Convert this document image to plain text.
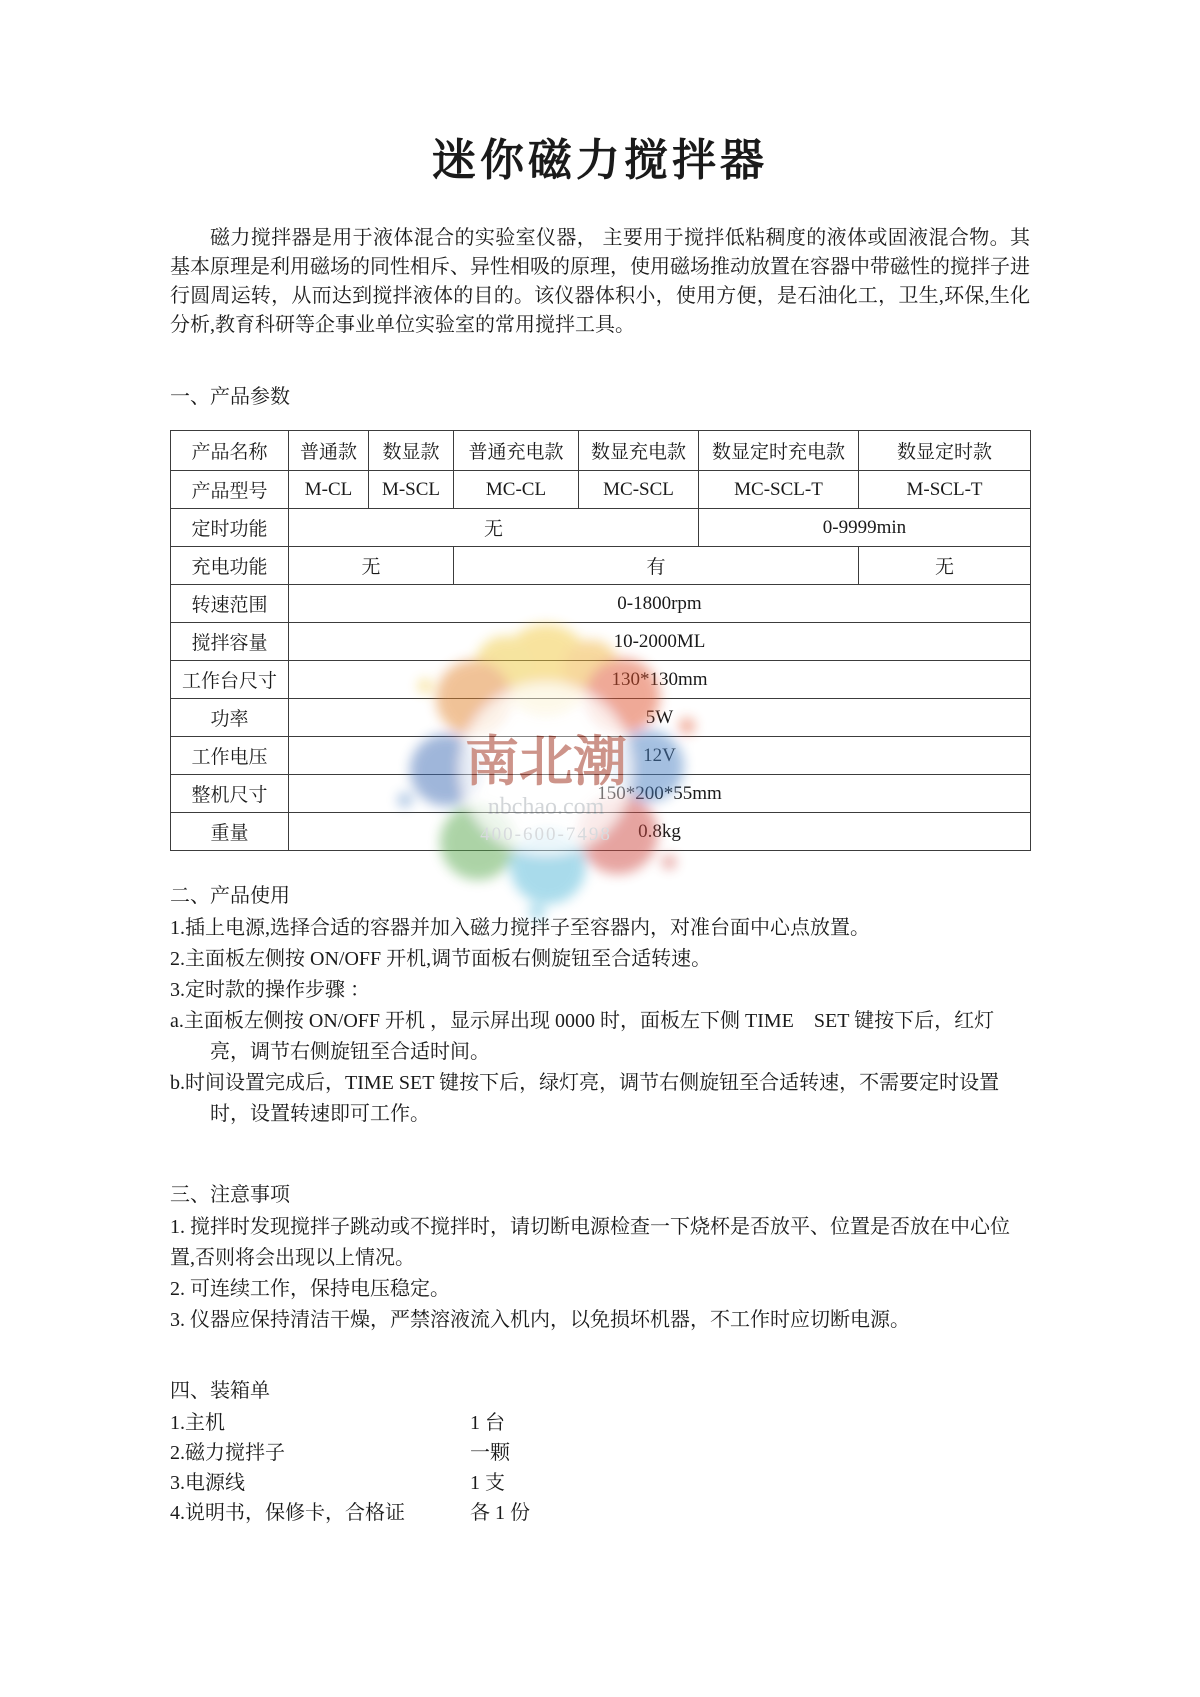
迷你磁力搅拌器

磁力搅拌器是用于液体混合的实验室仪器， 主要用于搅拌低粘稠度的液体或固液混合物。其基本原理是利用磁场的同性相斥、异性相吸的原理，使用磁场推动放置在容器中带磁性的搅拌子进行圆周运转，从而达到搅拌液体的目的。该仪器体积小，使用方便，是石油化工，卫生,环保,生化分析,教育科研等企事业单位实验室的常用搅拌工具。

一、产品参数
产品名称	普通款	数显款	普通充电款	数显充电款	数显定时充电款	数显定时款
产品型号	M-CL	M-SCL	MC-CL	MC-SCL	MC-SCL-T	M-SCL-T
定时功能	无				0-9999min	
充电功能	无		有			无
转速范围	0-1800rpm					
搅拌容量	10-2000ML					
工作台尺寸	130*130mm					
功率	5W					
工作电压	12V					
整机尺寸	150*200*55mm					
重量	0.8kg					
二、产品使用

1.插上电源,选择合适的容器并加入磁力搅拌子至容器内，对准台面中心点放置。

2.主面板左侧按 ON/OFF 开机,调节面板右侧旋钮至合适转速。

3.定时款的操作步骤 ：

a.主面板左侧按 ON/OFF 开机 ，显示屏出现 0000 时，面板左下侧 TIME　SET 键按下后，红灯亮，调节右侧旋钮至合适时间。

b.时间设置完成后，TIME SET 键按下后，绿灯亮，调节右侧旋钮至合适转速，不需要定时设置时，设置转速即可工作。

三、注意事项

1. 搅拌时发现搅拌子跳动或不搅拌时，请切断电源检查一下烧杯是否放平、位置是否放在中心位置,否则将会出现以上情况。

2. 可连续工作，保持电压稳定。

3. 仪器应保持清洁干燥，严禁溶液流入机内，以免损坏机器，不工作时应切断电源。

四、装箱单
1.主机	1 台
2.磁力搅拌子	一颗
3.电源线	1 支
4.说明书，保修卡，合格证	各 1 份
南北潮
nbchao.com
400-600-7498
